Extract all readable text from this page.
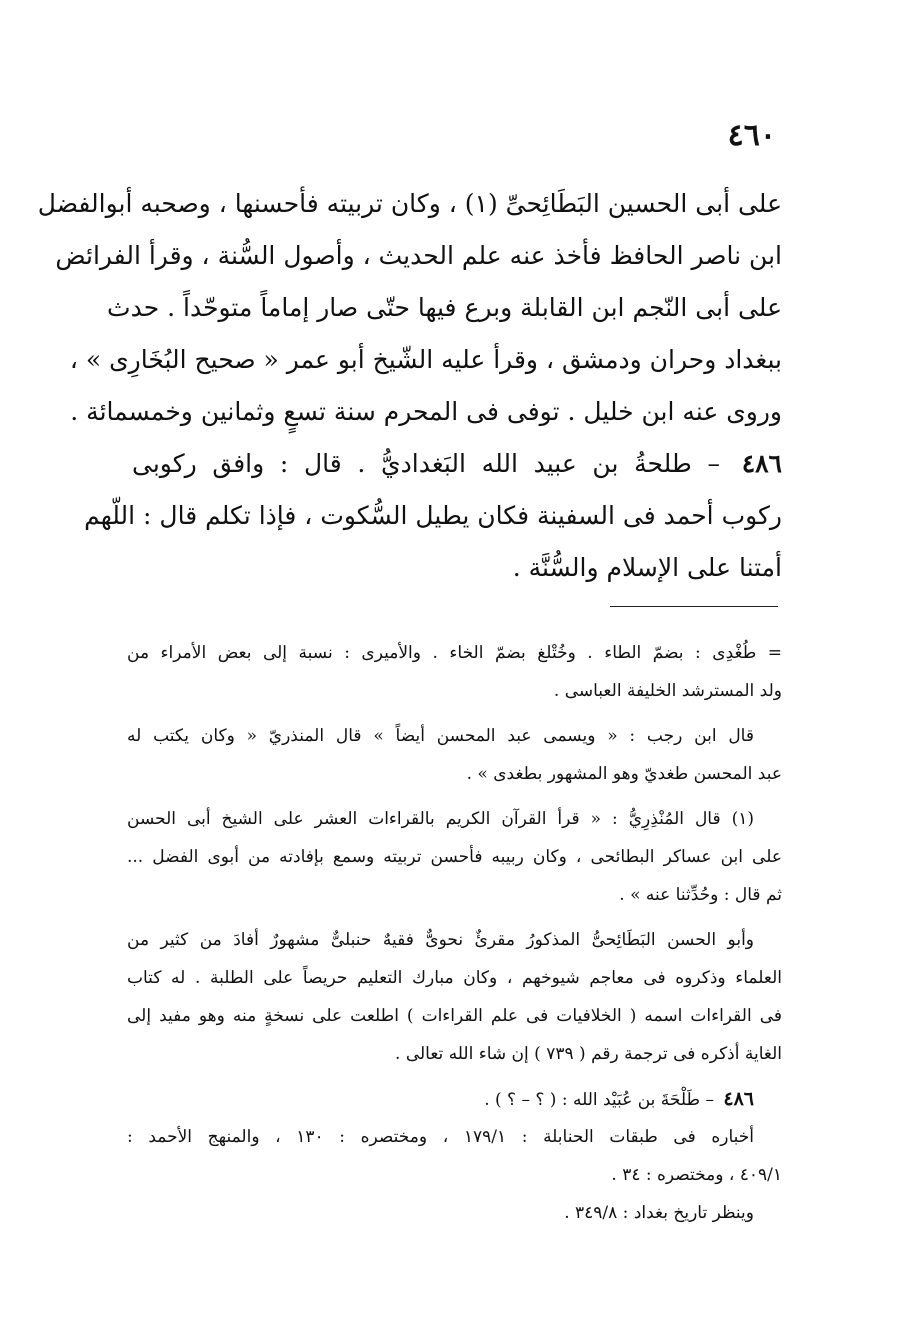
٤٦٠

على أبى الحسين البَطَائِحىِّ (١) ، وكان تربيته فأحسنها ، وصحبه أبوالفضل
ابن ناصر الحافظ فأخذ عنه علم الحديث ، وأصول السُّنة ، وقرأ الفرائض
على أبى النّجم ابن القابلة وبرع فيها حتّى صار إماماً متوحّداً . حدث
ببغداد وحران ودمشق ، وقرأ عليه الشّيخ أبو عمر « صحيح البُخَارِى » ،
وروى عنه ابن خليل . توفى فى المحرم سنة تسعٍ وثمانين وخمسمائة .
٤٨٦ – طلحةُ بن عبيد الله البَغداديُّ . قال : وافق ركوبى
ركوب أحمد فى السفينة فكان يطيل السُّكوت ، فإذا تكلم قال : اللّهم
أمتنا على الإسلام والسُّنَّة .
= طُغْدِى : بضمّ الطاء . وخُتْلغ بضمّ الخاء . والأميرى : نسبة إلى بعض الأمراء من
ولد المسترشد الخليفة العباسى .
قال ابن رجب : « ويسمى عبد المحسن أيضاً » قال المنذريّ « وكان يكتب له
عبد المحسن طغديّ وهو المشهور بطغدى » .
(١) قال المُنْذِرِيُّ : « قرأ القرآن الكريم بالقراءات العشر على الشيخ أبى الحسن
على ابن عساكر البطائحى ، وكان ربيبه فأحسن تربيته وسمع بإفادته من أبوى الفضل ...
ثم قال : وحُدِّثنا عنه » .
وأبو الحسن البَطَائِحىُّ المذكورُ مقرئٌ نحوىٌّ فقيهٌ حنبلىٌّ مشهورٌ أفادَ من كثير من
العلماء وذكروه فى معاجم شيوخهم ، وكان مبارك التعليم حريصاً على الطلبة . له كتاب
فى القراءات اسمه ( الخلافيات فى علم القراءات ) اطلعت على نسخةٍ منه وهو مفيد إلى
الغاية أذكره فى ترجمة رقم ( ٧٣٩ ) إن شاء الله تعالى .
٤٨٦ – طَلْحَةَ بن عُبَيْد الله : ( ؟ – ؟ ) .
أخباره فى طبقات الحنابلة : ١٧٩/١ ، ومختصره : ١٣٠ ، والمنهج الأحمد :
٤٠٩/١ ، ومختصره : ٣٤ .
وينظر تاريخ بغداد : ٣٤٩/٨ .
